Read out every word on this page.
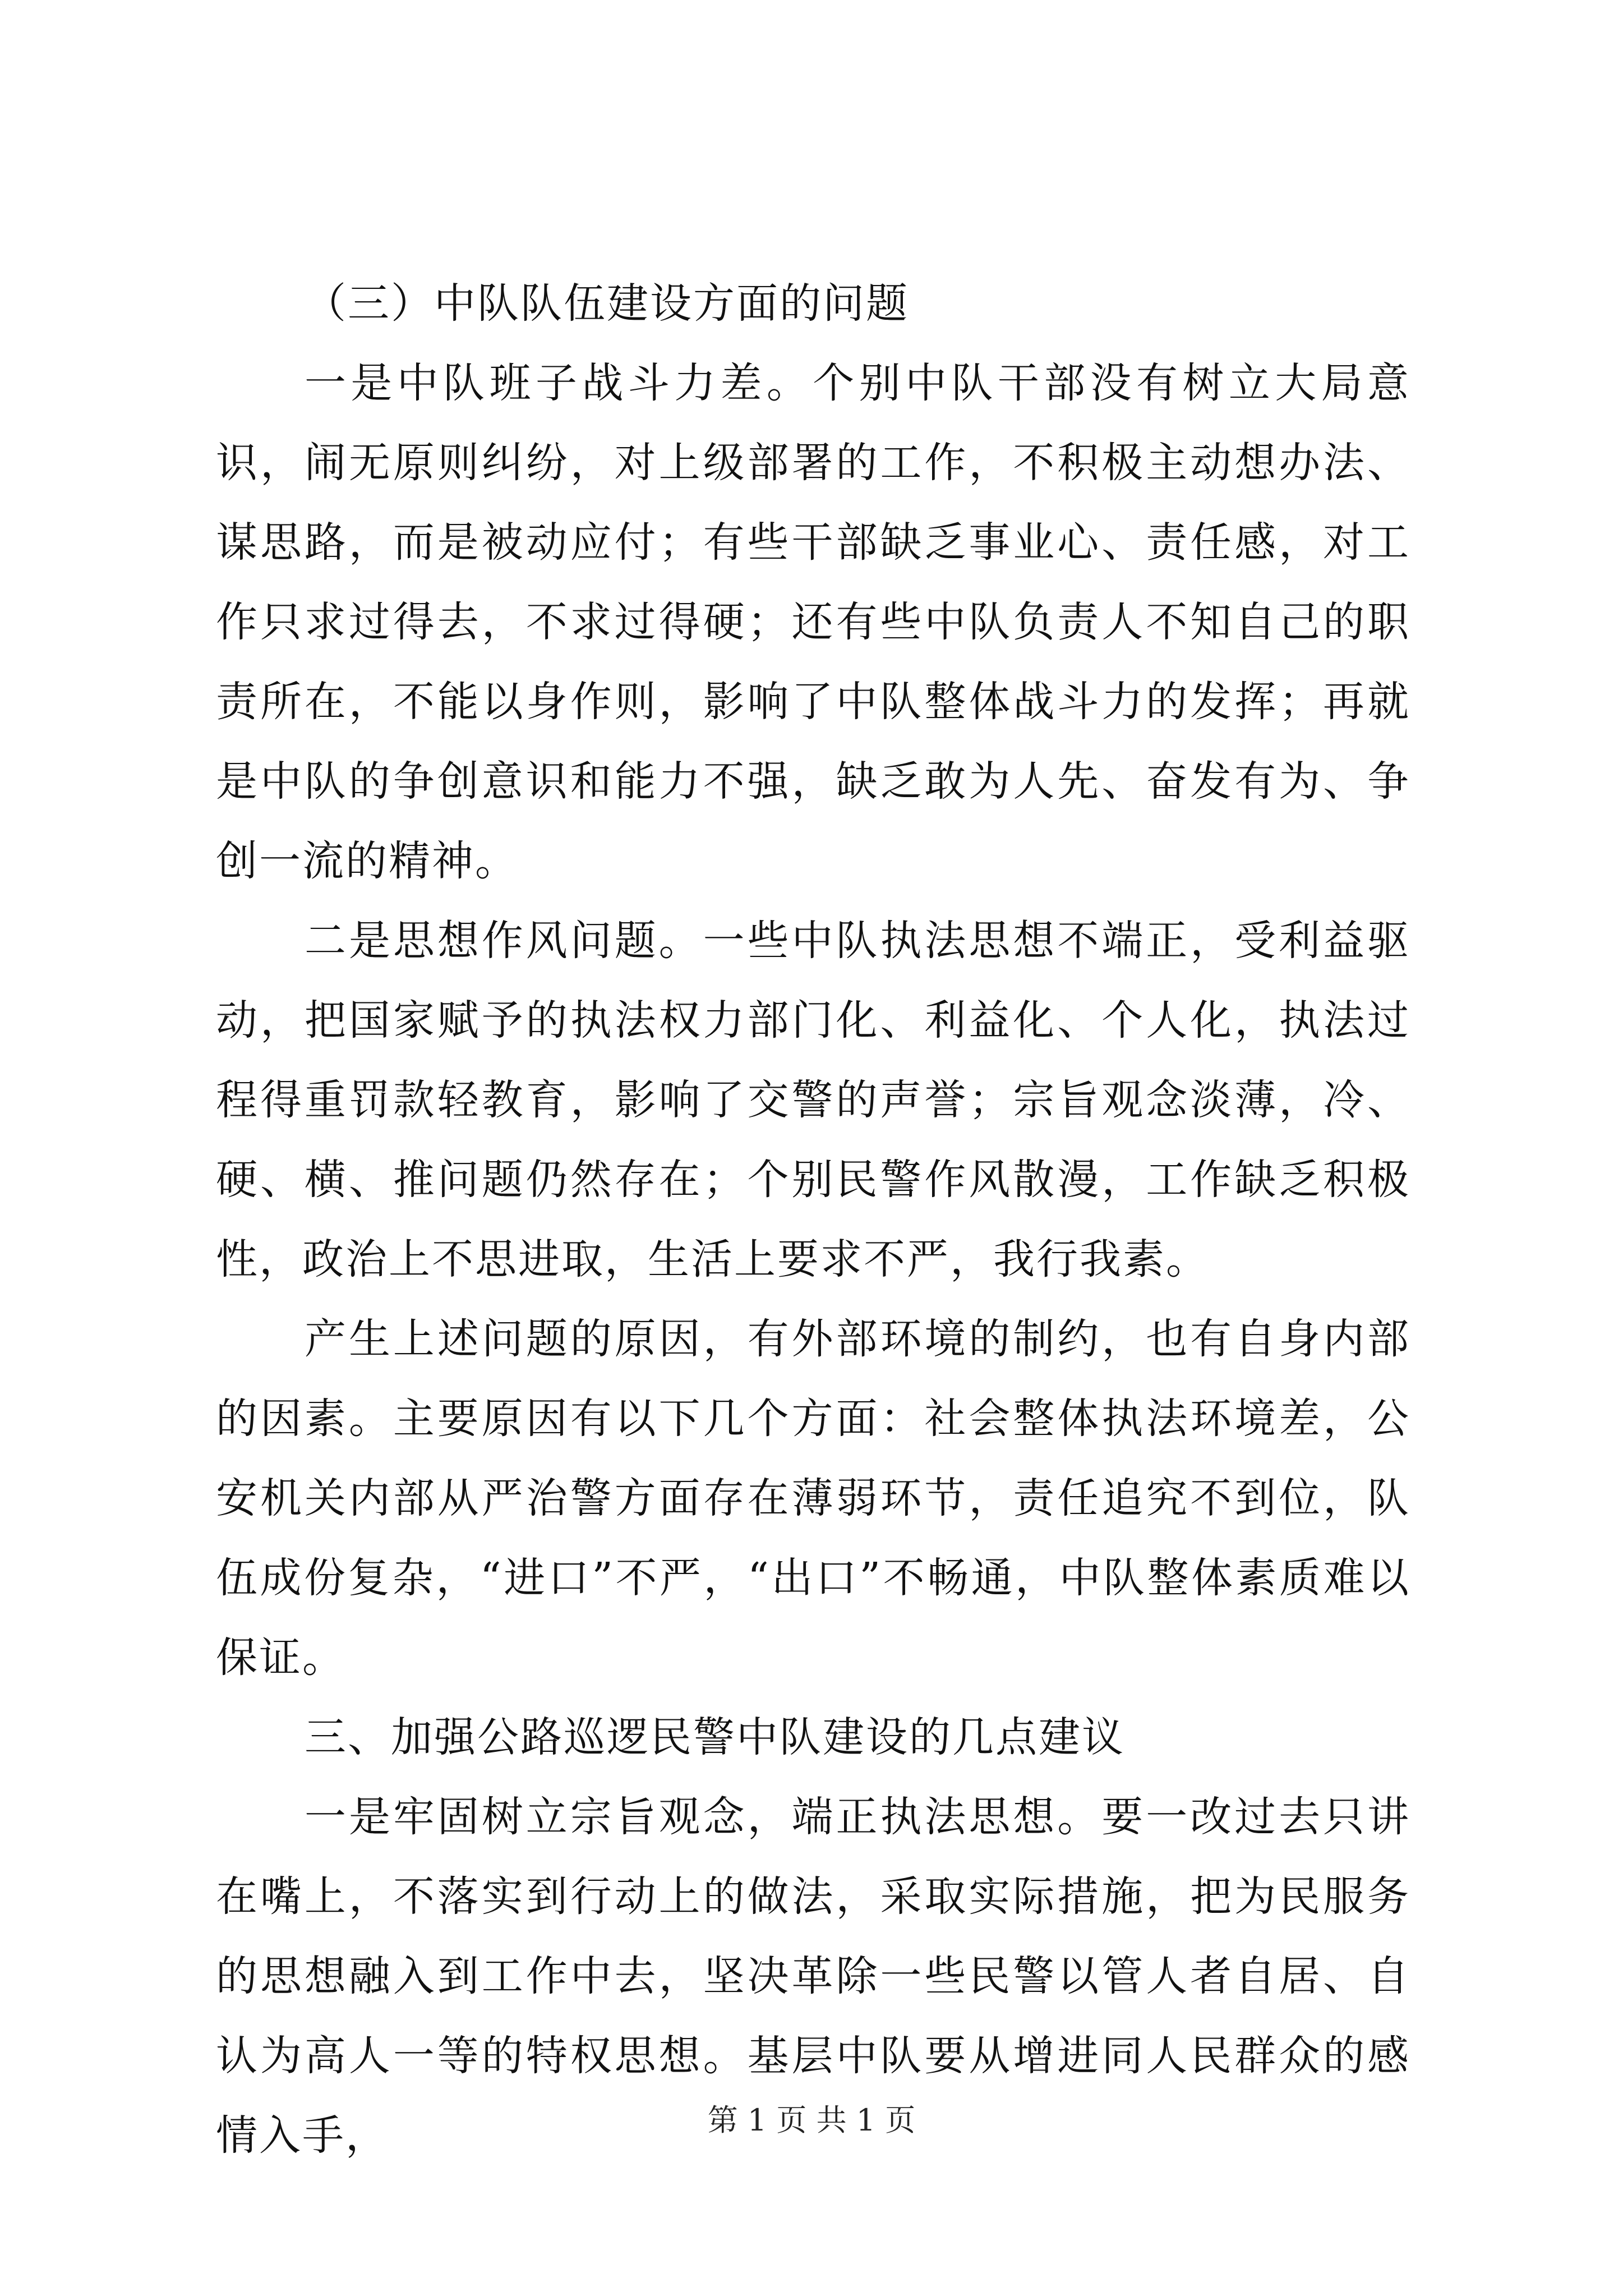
（三）中队队伍建设方面的问题

一是中队班子战斗力差。个别中队干部没有树立大局意识，闹无原则纠纷，对上级部署的工作，不积极主动想办法、谋思路，而是被动应付；有些干部缺乏事业心、责任感，对工作只求过得去，不求过得硬；还有些中队负责人不知自己的职责所在，不能以身作则，影响了中队整体战斗力的发挥；再就是中队的争创意识和能力不强，缺乏敢为人先、奋发有为、争创一流的精神。

二是思想作风问题。一些中队执法思想不端正，受利益驱动，把国家赋予的执法权力部门化、利益化、个人化，执法过程得重罚款轻教育，影响了交警的声誉；宗旨观念淡薄，冷、硬、横、推问题仍然存在；个别民警作风散漫，工作缺乏积极性，政治上不思进取，生活上要求不严，我行我素。

产生上述问题的原因，有外部环境的制约，也有自身内部的因素。主要原因有以下几个方面：社会整体执法环境差，公安机关内部从严治警方面存在薄弱环节，责任追究不到位，队伍成份复杂，“进口”不严，“出口”不畅通，中队整体素质难以保证。

三、加强公路巡逻民警中队建设的几点建议

一是牢固树立宗旨观念，端正执法思想。要一改过去只讲在嘴上，不落实到行动上的做法，采取实际措施，把为民服务的思想融入到工作中去，坚决革除一些民警以管人者自居、自认为高人一等的特权思想。基层中队要从增进同人民群众的感情入手，	第 1 页 共 1 页
